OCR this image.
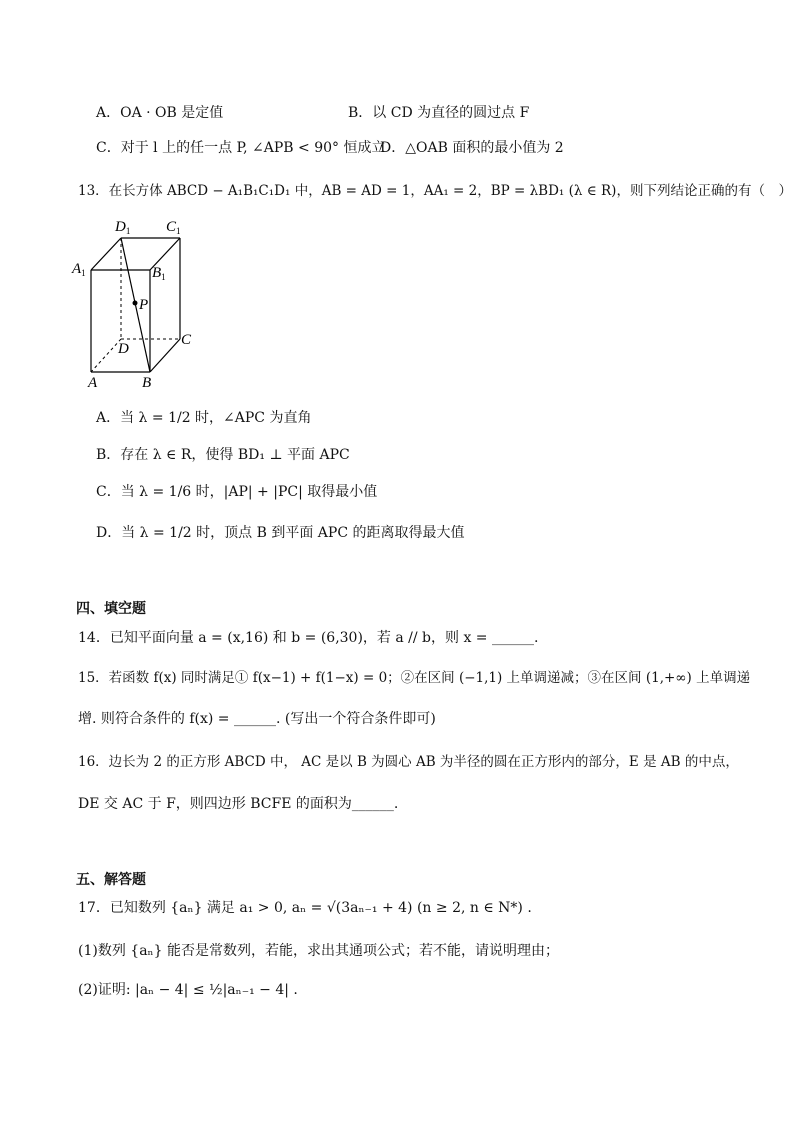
A．OA · OB 是定值	B．以 CD 为直径的圆过点 F
C．对于 l 上的任一点 P, ∠APB < 90° 恒成立
D．△OAB 面积的最小值为 2
13．在长方体 ABCD − A₁B₁C₁D₁ 中，AB = AD = 1，AA₁ = 2，BP = λBD₁ (λ ∈ R)，则下列结论正确的有（　）
$D_1$ $C_1$
$A_1$	$B_1$
P
D
C
A	B
A．当 λ = 1/2 时，∠APC 为直角
B．存在 λ ∈ R，使得 BD₁ ⊥ 平面 APC
C．当 λ = 1/6 时，|AP| + |PC| 取得最小值
D．当 λ = 1/2 时，顶点 B 到平面 APC 的距离取得最大值
四、填空题
14．已知平面向量 a = (x,16) 和 b = (6,30)，若 a // b，则 x = ______.
15．若函数 f(x) 同时满足① f(x−1) + f(1−x) = 0；②在区间 (−1,1) 上单调递减；③在区间 (1,+∞) 上单调递
增. 则符合条件的 f(x) = ______. (写出一个符合条件即可)
16．边长为 2 的正方形 ABCD 中， AC 是以 B 为圆心 AB 为半径的圆在正方形内的部分，E 是 AB 的中点，
DE 交 AC 于 F，则四边形 BCFE 的面积为______.
五、解答题
17．已知数列 {aₙ} 满足 a₁ > 0, aₙ = √(3aₙ₋₁ + 4) (n ≥ 2, n ∈ N*) .
(1)数列 {aₙ} 能否是常数列，若能，求出其通项公式；若不能，请说明理由；
(2)证明: |aₙ − 4| ≤ ½|aₙ₋₁ − 4| .
